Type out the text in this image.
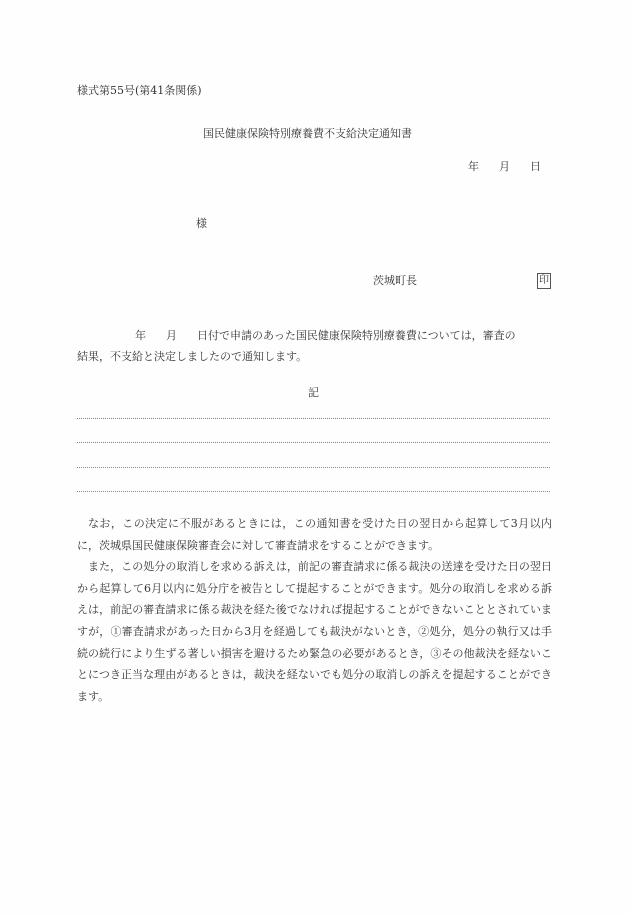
様式第55号(第41条関係)
国民健康保険特別療養費不支給決定通知書
年 月 日
様
茨城町長	印
年 月 日付で申請のあった国民健康保険特別療養費については，審査の
結果，不支給と決定しましたので通知します。
記

なお，この決定に不服があるときには，この通知書を受けた日の翌日から起算して3月以内に，茨城県国民健康保険審査会に対して審査請求をすることができます。

また，この処分の取消しを求める訴えは，前記の審査請求に係る裁決の送達を受けた日の翌日から起算して6月以内に処分庁を被告として提起することができます。処分の取消しを求める訴えは，前記の審査請求に係る裁決を経た後でなければ提起することができないこととされていますが，①審査請求があった日から3月を経過しても裁決がないとき，②処分，処分の執行又は手続の続行により生ずる著しい損害を避けるため緊急の必要があるとき，③その他裁決を経ないことにつき正当な理由があるときは，裁決を経ないでも処分の取消しの訴えを提起することができます。
